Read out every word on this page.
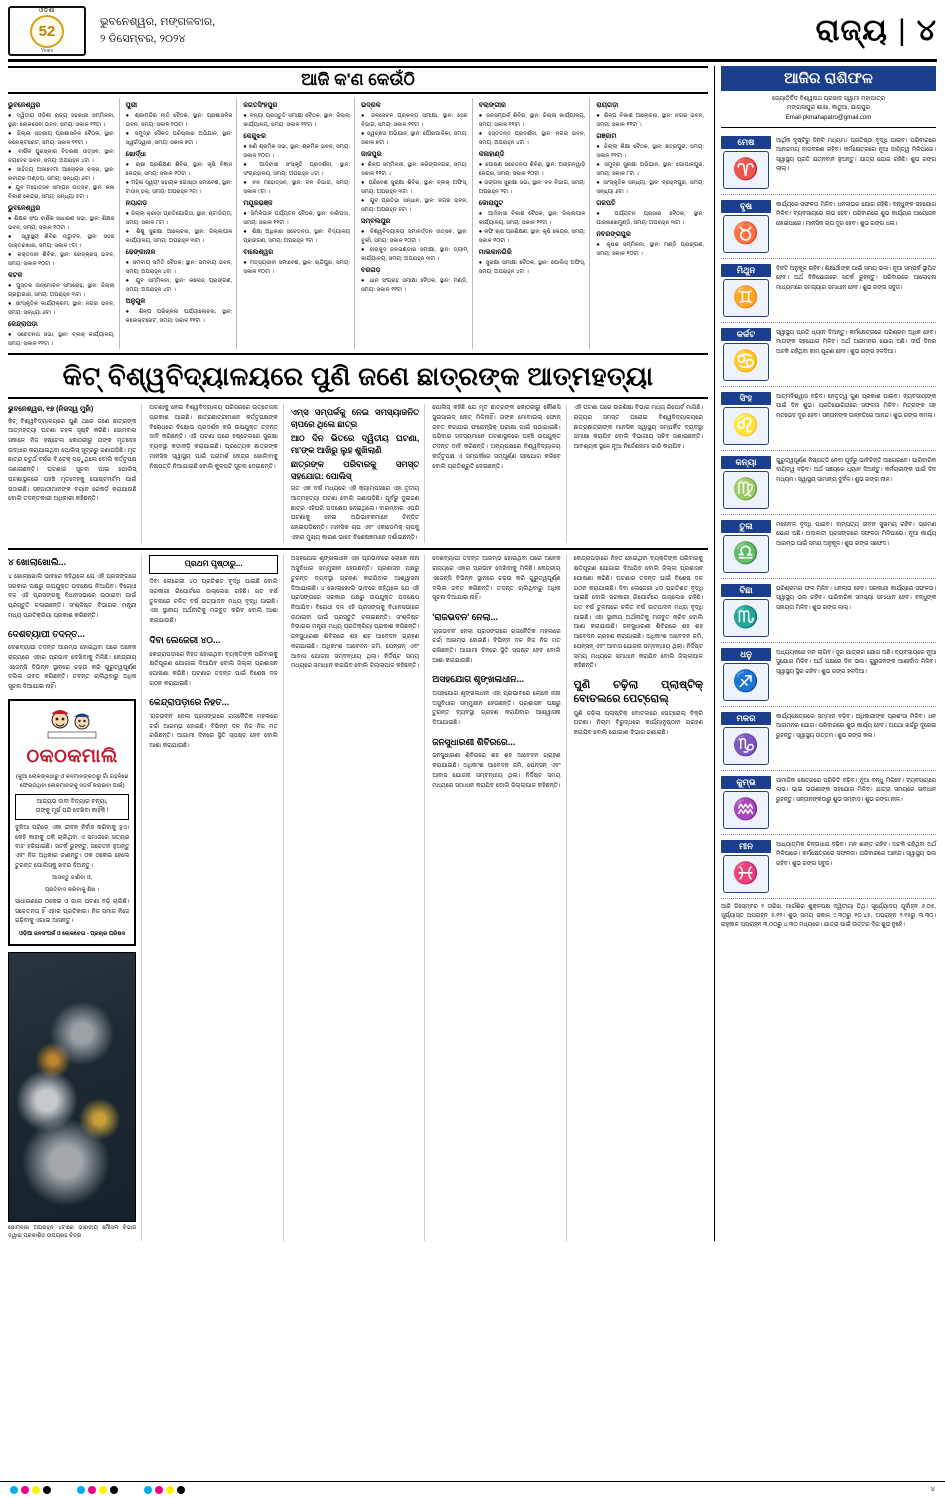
ଓଡ଼ିଶା
52
Years
ଭୁବନେଶ୍ୱର, ମଙ୍ଗଳବାର,
୨ ଡିସେମ୍ବର, ୨୦୨୪	ରାଜ୍ୟ | ୪
ଆଜି କ'ଣ କେଉଁଠି
ଭୁବନେଶ୍ୱର
● ଦ୍ୱିତୀୟ ଓଡ଼ିଶା ରାଜ୍ୟ ସହକାରୀ ସମ୍ମିଳନୀ, ସ୍ଥାନ: ଲୋକସେବା ଭବନ, ସମୟ: ସକାଳ ୧୧ଟା ।
● ଜିଲ୍ଲା ସ୍ତରୀୟ ପ୍ରଶାସନିକ ବୈଠକ, ସ୍ଥାନ: କଲେକ୍ଟରେଟ, ସମୟ: ସକାଳ ୧୧ଟା ।
● ବାର୍ଷିକ ପୁରସ୍କାର ବିତରଣୀ ଉତ୍ସବ, ସ୍ଥାନ: ଜୟଦେବ ଭବନ, ସମୟ: ଅପରାହ୍ନ ୪ଟା ।
● ସାହିତ୍ୟ ଅକାଦେମୀ ଆଲୋଚନା ଚକ୍ର, ସ୍ଥାନ: ରବୀନ୍ଦ୍ର ମଣ୍ଡପ, ସମୟ: ସନ୍ଧ୍ୟା ୬ଟା ।
● ଯୁବ ମହୋତ୍ସବ ସମାପନ ଉତ୍ସବ, ସ୍ଥାନ: କଳା ବିକାଶ କେନ୍ଦ୍ର, ସମୟ: ସନ୍ଧ୍ୟା ୫ଟା ।
ଭୁବନେଶ୍ୱର
● ଶିକ୍ଷକ ସଂଘ ବାର୍ଷିକ ସାଧାରଣ ସଭା, ସ୍ଥାନ: ଶିକ୍ଷକ ଭବନ, ସମୟ: ସକାଳ ୧୦ଟା ।
● ସ୍ୱାସ୍ଥ୍ୟ ଶିବିର ଉଦ୍ଘାଟନ, ସ୍ଥାନ: ସହର ଡାକ୍ତରଖାନା, ସମୟ: ସକାଳ ୯ଟା ।
● ରକ୍ତଦାନ ଶିବିର, ସ୍ଥାନ: ରେଡ୍‌କ୍ରସ୍ ଭବନ, ସମୟ: ସକାଳ ୧୦ଟା ।
କଟକ
● ପୁସ୍ତକ ଉନ୍ମୋଚନ ସମାରୋହ, ସ୍ଥାନ: ଜିଲ୍ଲା ଗ୍ରନ୍ଥାଗାର, ସମୟ: ଅପରାହ୍ନ ୩ଟା ।
● ସାଂସ୍କୃତିକ କାର୍ଯ୍ୟକ୍ରମ, ସ୍ଥାନ: ନଗର ଭବନ, ସମୟ: ସନ୍ଧ୍ୟା ୬ଟା ।
କେନ୍ଦ୍ରାପଡ଼ା
● ସଚେତନତା ସଭା, ସ୍ଥାନ: ବ୍ଲକ୍ କାର୍ଯ୍ୟାଳୟ, ସମୟ: ସକାଳ ୧୧ଟା ।
ପୁରୀ
● ଶ୍ରୀମନ୍ଦିର ନୀତି ବୈଠକ, ସ୍ଥାନ: ପ୍ରଶାସନିକ ଭବନ, ସମୟ: ସକାଳ ୧୦ଟା ।
● ସମୁଦ୍ର ସୈକତ ପରିଷ୍କାର ଅଭିଯାନ, ସ୍ଥାନ: ସ୍ୱର୍ଗଦ୍ୱାର, ସମୟ: ସକାଳ ୭ଟା ।
ଖୋର୍ଦ୍ଧା
● ଚାଷୀ ପ୍ରଶିକ୍ଷଣ ଶିବିର, ସ୍ଥାନ: କୃଷି ବିଜ୍ଞାନ କେନ୍ଦ୍ର, ସମୟ: ସକାଳ ୧୦ଟା ।
● ମହିଳା ସ୍ୱୟଂ ସହାୟକ ଗୋଷ୍ଠୀ ସମାବେଶ, ସ୍ଥାନ: ଟାଉନ୍ ହଲ୍, ସମୟ: ଅପରାହ୍ନ ୨ଟା ।
ନୟାଗଡ଼
● ଜିଲ୍ଲା କ୍ରୀଡ଼ା ପ୍ରତିଯୋଗିତା, ସ୍ଥାନ: ଷ୍ଟାଡିୟମ, ସମୟ: ସକାଳ ୮ଟା ।
● ଶିଶୁ ସୁରକ୍ଷା ଆଲୋଚନା, ସ୍ଥାନ: ଜିଲ୍ଲାପାଳ କାର୍ଯ୍ୟାଳୟ, ସମୟ: ଅପରାହ୍ନ ୩ଟା ।
ଢେଙ୍କାନାଳ
● ସମବାୟ ସମିତି ବୈଠକ, ସ୍ଥାନ: ସମବାୟ ଭବନ, ସମୟ: ଅପରାହ୍ନ ୪ଟା ।
● ଯୁବ ସମ୍ମିଳନୀ, ସ୍ଥାନ: କଲେଜ୍ ପ୍ରାଙ୍ଗଣ, ସମୟ: ଅପରାହ୍ନ ୪ଟା ।
ଅନୁଗୁଳ
● ଶିଳ୍ପ ପରିଚାଳନା ପର୍ଯ୍ୟାଲୋଚନା, ସ୍ଥାନ: କଲେକ୍ଟରେଟ, ସମୟ: ସକାଳ ୧୧ଟା ।
ଜଗତସିଂହପୁର
● ବନ୍ୟା ପ୍ରସ୍ତୁତି ସମୀକ୍ଷା ବୈଠକ, ସ୍ଥାନ: ଜିଲ୍ଲା କାର୍ଯ୍ୟାଳୟ, ସମୟ: ସକାଳ ୧୧ଟା ।
କେନ୍ଦୁଝର
● ଖଣି ଶ୍ରମିକ ସଭା, ସ୍ଥାନ: ଶ୍ରମିକ ଭବନ, ସମୟ: ସକାଳ ୧୦ଟା ।
● ଆଦିବାସୀ ସଂସ୍କୃତି ପ୍ରଦର୍ଶନୀ, ସ୍ଥାନ: ସଂଗ୍ରହାଳୟ, ସମୟ: ଅପରାହ୍ନ ୪ଟା ।
● ବନ ମହୋତ୍ସବ, ସ୍ଥାନ: ବନ ବିଭାଗ, ସମୟ: ସକାଳ ୯ଟା ।
ମୟୂରଭଞ୍ଜ
● ସିମିଳିପାଳ ପର୍ଯ୍ୟଟନ ବୈଠକ, ସ୍ଥାନ: ବାରିପଦା, ସମୟ: ସକାଳ ୧୧ଟା ।
● ଶିକ୍ଷା ଅଧିକାର ସଚେତନତା, ସ୍ଥାନ: ବିଦ୍ୟାଳୟ ପ୍ରାଙ୍ଗଣ, ସମୟ: ଅପରାହ୍ନ ୨ଟା ।
ବାଲେଶ୍ୱର
● ମତ୍ସ୍ୟଜୀବୀ ସମାବେଶ, ସ୍ଥାନ: ଚାନ୍ଦିପୁର, ସମୟ: ସକାଳ ୧୦ଟା ।
ଭଦ୍ରକ
● ଜଳସେଚନ ପ୍ରକଳ୍ପ ସମୀକ୍ଷା, ସ୍ଥାନ: ସେଚ ବିଭାଗ, ସମୟ: ସକାଳ ୧୧ଟା ।
● ସ୍ୱଚ୍ଛତା ଅଭିଯାନ, ସ୍ଥାନ: ପୌରପାଳିକା, ସମୟ: ସକାଳ ୭ଟା ।
ଜାଜପୁର
● ଶିଳ୍ପ ସମ୍ମିଳନୀ, ସ୍ଥାନ: କଳିଙ୍ଗନଗର, ସମୟ: ସକାଳ ୧୧ଟା ।
● ପରିବେଶ ସୁରକ୍ଷା ଶିବିର, ସ୍ଥାନ: ବ୍ଲକ୍ ଅଫିସ୍, ସମୟ: ଅପରାହ୍ନ ୩ଟା ।
● ଯୁବ ପ୍ରତିଭା ସନ୍ଧାନ, ସ୍ଥାନ: ନଗର ଭବନ, ସମୟ: ଅପରାହ୍ନ ୫ଟା ।
ସମ୍ବଲପୁର
● ବିଶ୍ୱବିଦ୍ୟାଳୟ ସମାବର୍ତ୍ତନ ଉତ୍ସବ, ସ୍ଥାନ: ବୁର୍ଲା, ସମୟ: ସକାଳ ୧୦ଟା ।
● ହୀରାକୁଦ ଜଳଭଣ୍ଡାର ସମୀକ୍ଷା, ସ୍ଥାନ: ଡ୍ୟାମ୍ କାର୍ଯ୍ୟାଳୟ, ସମୟ: ଅପରାହ୍ନ ୩ଟା ।
ବରଗଡ଼
● ଧାନ ସଂଗ୍ରହ ସମୀକ୍ଷା ବୈଠକ, ସ୍ଥାନ: ମଣ୍ଡି, ସମୟ: ସକାଳ ୧୧ଟା ।
ବଲାଙ୍ଗୀର
● ଜନସମ୍ପର୍କ ଶିବିର, ସ୍ଥାନ: ଜିଲ୍ଲା କାର୍ଯ୍ୟାଳୟ, ସମୟ: ସକାଳ ୧୧ଟା ।
● ହସ୍ତତନ୍ତ ପ୍ରଦର୍ଶନୀ, ସ୍ଥାନ: ନଗର ଭବନ, ସମୟ: ଅପରାହ୍ନ ୪ଟା ।
କଳାହାଣ୍ଡି
● ପୋଷଣ ସଚେତନତା ଶିବିର, ସ୍ଥାନ: ଅଙ୍ଗନୱାଡ଼ି କେନ୍ଦ୍ର, ସମୟ: ସକାଳ ୧୦ଟା ।
● ଜଙ୍ଗଲ ସୁରକ୍ଷା ସଭା, ସ୍ଥାନ: ବନ ବିଭାଗ, ସମୟ: ଅପରାହ୍ନ ୨ଟା ।
କୋରାପୁଟ
● ଆଦିବାସୀ ବିକାଶ ବୈଠକ, ସ୍ଥାନ: ଜିଲ୍ଲାପାଳ କାର୍ଯ୍ୟାଳୟ, ସମୟ: ସକାଳ ୧୧ଟା ।
● କଫି ଚାଷ ପ୍ରଶିକ୍ଷଣ, ସ୍ଥାନ: କୃଷି କେନ୍ଦ୍ର, ସମୟ: ସକାଳ ୧୦ଟା ।
ମାଲକାନଗିରି
● ସୁରକ୍ଷା ସମୀକ୍ଷା ବୈଠକ, ସ୍ଥାନ: ପୋଲିସ୍ ଅଫିସ୍, ସମୟ: ଅପରାହ୍ନ ୪ଟା ।
ରାୟଗଡ଼ା
● ଶିଳ୍ପ ବିକାଶ ଆଲୋଚନା, ସ୍ଥାନ: ନଗର ଭବନ, ସମୟ: ସକାଳ ୧୧ଟା ।
ଗଞ୍ଜାମ
● ଜିଲ୍ଲା ଶିକ୍ଷା ବୈଠକ, ସ୍ଥାନ: ଛତ୍ରପୁର, ସମୟ: ସକାଳ ୧୧ଟା ।
● ସମୁଦ୍ର ସୁରକ୍ଷା ଅଭିଯାନ, ସ୍ଥାନ: ଗୋପାଳପୁର, ସମୟ: ସକାଳ ୮ଟା ।
● ସାଂସ୍କୃତିକ ସନ୍ଧ୍ୟା, ସ୍ଥାନ: ବ୍ରହ୍ମପୁର, ସମୟ: ସନ୍ଧ୍ୟା ୬ଟା ।
ଗଜପତି
● ପର୍ଯ୍ୟଟନ ପ୍ରସାର ବୈଠକ, ସ୍ଥାନ: ପାରଳାଖେମୁଣ୍ଡି, ସମୟ: ଅପରାହ୍ନ ୩ଟା ।
ନବରଙ୍ଗପୁର
● କୃଷକ ସମ୍ମିଳନୀ, ସ୍ଥାନ: ମଣ୍ଡି ପ୍ରାଙ୍ଗଣ, ସମୟ: ସକାଳ ୧୦ଟା ।
କିଟ୍ ବିଶ୍ୱବିଦ୍ୟାଳୟରେ ପୁଣି ଜଣେ ଛାତ୍ରଙ୍କ ଆତ୍ମହତ୍ୟା
ଭୁବନେଶ୍ୱର, ୧୭ (ନିଜସ୍ୱ ମୁହାଁ)
କିଟ୍ ବିଶ୍ୱବିଦ୍ୟାଳୟରେ ପୁଣି ଥରେ ଜଣେ ଛାତ୍ରଙ୍କ ଆତ୍ମହତ୍ୟା ଘଟଣା ଚହଳ ସୃଷ୍ଟି କରିଛି। ସୋମବାର ସକାଳେ ନିଜ ହଷ୍ଟେଲ କୋଠରୀରୁ ତାଙ୍କ ମୃତଦେହ ଉଦ୍ଧାର କରାଯାଇଥିବା ପୋଲିସ୍ ସୂତ୍ରରୁ ଜଣାପଡ଼ିଛି। ମୃତ ଛାତ୍ର ଚତୁର୍ଥ ବର୍ଷର ବି.ଟେକ୍ ପଢ଼ୁଥିଲେ ବୋଲି କର୍ତ୍ତୃପକ୍ଷ ଜଣାଇଛନ୍ତି। ଘଟଣାର ସୂଚନା ପାଇ ପୋଲିସ୍ ଘଟଣାସ୍ଥଳରେ ପହଞ୍ଚି ମୃତଦେହକୁ ପୋଷ୍ଟମର୍ଟମ ପାଇଁ ପଠାଇଛି। ସହପାଠୀମାନଙ୍କ ବୟାନ ରେକର୍ଡ କରାଯାଉଛି ବୋଲି ତଦନ୍ତକାରୀ ଅଧିକାରୀ କହିଛନ୍ତି।
ଘଟଣାକୁ ନେଇ ବିଶ୍ୱବିଦ୍ୟାଳୟ ପରିସରରେ ଉତ୍ତେଜନା ପ୍ରକାଶ ପାଇଛି। ଛାତ୍ରଛାତ୍ରୀମାନେ କର୍ତ୍ତୃପକ୍ଷଙ୍କ ବିରୋଧରେ ବିକ୍ଷୋଭ ପ୍ରଦର୍ଶନ କରି ଉପଯୁକ୍ତ ତଦନ୍ତ ଦାବି କରିଛନ୍ତି। ଏହି ଘଟଣା ପରେ ହଷ୍ଟେଲରେ ସୁରକ୍ଷା ବ୍ୟବସ୍ଥା କଡ଼ାକଡ଼ି କରାଯାଇଛି। ପ୍ରତ୍ୟେକ ଛାତ୍ରଙ୍କ ମାନସିକ ସ୍ୱାସ୍ଥ୍ୟ ପାଇଁ ପରାମର୍ଶ କେନ୍ଦ୍ର ଖୋଲିବାକୁ ନିଷ୍ପତ୍ତି ନିଆଯାଇଛି ବୋଲି କୁଳପତି ସୂଚନା ଦେଇଛନ୍ତି।
ଏମ୍‌ସ ସମ୍ପର୍କକୁ ନେଇ ସମସ୍ୟାଜନିତ ଚାପରେ ଥିଲେ ଛାତ୍ର
ଆଠ ଦିନ ଭିତରେ ଦ୍ୱିତୀୟ ଘଟଣା, ମା'ଙ୍କ ଆଖିରୁ ଲୁହ ଶୁଖିଲାଣି
ଛାତ୍ରଙ୍କ ପରିବାରକୁ ସମସ୍ତ ସହଯୋଗ: ପୋଲିସ୍
ଗତ ଏକ ବର୍ଷ ମଧ୍ୟରେ ଏହି କ୍ୟାମ୍ପସରେ ଏହା ତୃତୀୟ ଆତ୍ମହତ୍ୟା ଘଟଣା ବୋଲି ଜଣାପଡ଼ିଛି। ପୂର୍ବରୁ ଦୁଇଜଣ ଛାତ୍ର ଏହିପରି ପଦକ୍ଷେପ ନେଇଥିଲେ। ବାରମ୍ବାର ଏପରି ଘଟଣାକୁ ନେଇ ଅଭିଭାବକମାନେ ଚିନ୍ତିତ ହୋଇପଡ଼ିଛନ୍ତି। ମାନସିକ ଚାପ ଏବଂ ଏକାଡେମିକ୍ ଚାପକୁ ଏହାର ମୁଖ୍ୟ କାରଣ ଭାବେ ବିଶେଷଜ୍ଞମାନେ ଦର୍ଶାଇଛନ୍ତି।
ପୋଲିସ୍ କହିଛି ଯେ ମୃତ ଛାତ୍ରଙ୍କ କୋଠରୀରୁ କୌଣସି ସୁଇସାଇଡ୍ ନୋଟ୍ ମିଳିନାହିଁ। ତାଙ୍କ ମୋବାଇଲ୍ ଫୋନ୍ ଜବତ କରାଯାଇ ଫରେନ୍‌ସିକ୍ ପରୀକ୍ଷା ପାଇଁ ପଠାଯାଇଛି। ପରିବାର ସଦସ୍ୟମାନେ ଘଟଣାସ୍ଥଳରେ ପହଞ୍ଚି ଉପଯୁକ୍ତ ତଦନ୍ତ ଦାବି କରିଛନ୍ତି। ଅନ୍ୟପକ୍ଷରେ ବିଶ୍ୱବିଦ୍ୟାଳୟ କର୍ତ୍ତୃପକ୍ଷ ଏ ସମ୍ପର୍କରେ ସମ୍ପୂର୍ଣ୍ଣ ସହଯୋଗ କରିବେ ବୋଲି ପ୍ରତିଶ୍ରୁତି ଦେଇଛନ୍ତି।
ଏହି ଘଟଣା ପରେ ଉଚ୍ଚଶିକ୍ଷା ବିଭାଗ ମଧ୍ୟ ରିପୋର୍ଟ ମାଗିଛି। ରାଜ୍ୟର ସମସ୍ତ ଘରୋଇ ବିଶ୍ୱବିଦ୍ୟାଳୟରେ ଛାତ୍ରଛାତ୍ରୀଙ୍କ ମାନସିକ ସ୍ୱାସ୍ଥ୍ୟ ସମ୍ପର୍କିତ ବ୍ୟବସ୍ଥା ସମୀକ୍ଷା କରାଯିବ ବୋଲି ବିଭାଗୀୟ ସଚିବ ଜଣାଇଛନ୍ତି। ଆବଶ୍ୟକ ସ୍ଥଳେ ନୂଆ ନିର୍ଦ୍ଦେଶନାମା ଜାରି କରାଯିବ।
୪ ଖୋଲାଖୋଲି...
୪ ଖୋଲାଖୋଲି ଭାବରେ କହିଥିଲେ ଯେ ଏହି ପ୍ରସଙ୍ଗରେ ସରକାର ପକ୍ଷରୁ ଉପଯୁକ୍ତ ପଦକ୍ଷେପ ନିଆଯିବ। ବିରୋଧୀ ଦଳ ଏହି ପ୍ରସଙ୍ଗକୁ ବିଧାନସଭାରେ ଉଠାଇବା ପାଇଁ ପ୍ରସ୍ତୁତି ଚଳାଇଛନ୍ତି। ସଂଶ୍ଳିଷ୍ଟ ବିଭାଗର ମନ୍ତ୍ରୀ ମଧ୍ୟ ପ୍ରତିକ୍ରିୟା ପ୍ରକାଶ କରିଛନ୍ତି।
ଦେଶବ୍ୟାପୀ ତଦନ୍ତ...
ଦେଶବ୍ୟାପୀ ତଦନ୍ତ ଆରମ୍ଭ ହୋଇଥିବା ପରେ ଅନେକ ରାଜ୍ୟରେ ଏହାର ପ୍ରଭାବ ଦେଖିବାକୁ ମିଳିଛି। କେନ୍ଦ୍ରୀୟ ଏଜେନ୍ସି ବିଭିନ୍ନ ସ୍ଥାନରେ ଚଢ଼ଉ କରି ଗୁରୁତ୍ୱପୂର୍ଣ୍ଣ ଦଲିଲ ଜବତ କରିଛନ୍ତି। ତଦନ୍ତ ଚାଲିଥିବାରୁ ଅଧିକ ସୂଚନା ଦିଆଯାଇ ନାହିଁ।
ଠକଠକମାଲି
(କୁଆ ଲୋକଙ୍କଠାରୁ ଓ କନମାନଙ୍କଠାରୁ ଗାଁ ଗହଳିରେ ଫେରାଉଥିବା ଲୋକମାନଙ୍କୁ ସତର୍କ କରାଇବା ପାଇଁ)
ଆଜ୍ୟଭ ଦାବୀ ବିଦ୍ୟାର ବନ୍ୟା,
ତାଙ୍କୁ ମୂର୍ଖ ପରି ଦେଖିବା କାହିଁକି !
ଦୁନିଆ ପରିରେ ଏକା ଜୀବନ ନିର୍ବାହ କରିବାକୁ ହୁଏ। କେହି କାହାକୁ ଠକି ଚାଲିଥିବା ଏ ସମାଜରେ ସତ୍ୟର ବାଟ ହଜିଯାଇଛି। ସତର୍କ ରୁହନ୍ତୁ, ସଚେତନ ହୁଅନ୍ତୁ ଏବଂ ନିଜ ଅଧିକାର ଜାଣନ୍ତୁ। ଠକ ଠକେଇ ହେଲେ ତୁରନ୍ତ ପୋଲିସ୍‌କୁ ଖବର ଦିଅନ୍ତୁ।
ଆସନ୍ତୁ ଜାଣିବା ଓ,
ପ୍ରତିବାଦ କରିବାକୁ ଶିଖ ।
ସାଧାରଣରେ ଠକେଇ ଓ ଜାଲ ଘଟଣା ବଢ଼ି ଚାଲିଛି। ସଚେତନତା ହିଁ ଏହାର ପ୍ରତିକାର। ନିଜ ସମାଜ ନିଜେ ଗଢ଼ିବାକୁ ଏଗାଇ ଆସନ୍ତୁ।
ଓଡ଼ିଆ ଜନସଂପର୍କ ଓ ଲୋକଚେତା - ପ୍ରଚାର ପରିଷଦ
ସୋମବାର ଅପରାହ୍ନ ୪ଟାରେ ଭାରତୀୟ ମୌସମ ବିଭାଗ ଦ୍ୱାରା ପ୍ରକାଶିତ ଉପଗ୍ରହ ଚିତ୍ର
ପ୍ରଥମ ପୃଷ୍ଠାରୁ...
ଦିବା ଲେଜେରୀ ୪୦ ପ୍ରତିଶତ ବୃଦ୍ଧି ପାଇଛି ବୋଲି ସରକାରୀ ରିପୋର୍ଟରେ ଉଲ୍ଲେଖ ରହିଛି। ଗତ ବର୍ଷ ତୁଳନାରେ ଚଳିତ ବର୍ଷ ଉତ୍ପାଦନ ମଧ୍ୟ ବୃଦ୍ଧି ପାଇଛି। ଏହା ସ୍ଥାନୀୟ ଅର୍ଥନୀତିକୁ ମଜବୁତ କରିବ ବୋଲି ଆଶା କରାଯାଉଛି।
ଦିବା ଲେଜେରୀ ୪୦...
କେନ୍ଦ୍ରାପଡ଼ାରେ ନିହତ ହୋଇଥିବା ବ୍ୟକ୍ତିଙ୍କ ପରିବାରକୁ କ୍ଷତିପୂରଣ ଯୋଗାଇ ଦିଆଯିବ ବୋଲି ଜିଲ୍ଲା ପ୍ରଶାସନ ଘୋଷଣା କରିଛି। ଘଟଣାର ତଦନ୍ତ ପାଇଁ ବିଶେଷ ଦଳ ଗଠନ କରାଯାଇଛି।
କେନ୍ଦ୍ରାପଡ଼ାରେ ନିହତ...
'ରାଜଭବନ' ନେଲା ପ୍ରସଙ୍ଗରେ ରାଜନୈତିକ ମହଲରେ ଚର୍ଚ୍ଚା ଆରମ୍ଭ ହୋଇଛି। ବିଭିନ୍ନ ଦଳ ନିଜ ନିଜ ମତ ରଖିଛନ୍ତି। ଆଗାମୀ ଦିନରେ ସ୍ଥିତି ସ୍ପଷ୍ଟ ହେବ ବୋଲି ଆଶା କରାଯାଉଛି।
ଅସହଯୋଗ ଶୃଙ୍ଖଳାଧୀନ ଏହା ପ୍ରଭାବରେ ଲୋକେ ନାନା ଅସୁବିଧାର ସମ୍ମୁଖୀନ ହେଉଛନ୍ତି। ପ୍ରଶାସନ ପକ୍ଷରୁ ତୁରନ୍ତ ବ୍ୟବସ୍ଥା ଗ୍ରହଣ କରାଯିବାର ଆଶ୍ୱାସନା ଦିଆଯାଇଛି। ୪ ଖୋଲାଖୋଲି ଭାବରେ କହିଥିଲେ ଯେ ଏହି ପ୍ରସଙ୍ଗରେ ସରକାର ପକ୍ଷରୁ ଉପଯୁକ୍ତ ପଦକ୍ଷେପ ନିଆଯିବ। ବିରୋଧୀ ଦଳ ଏହି ପ୍ରସଙ୍ଗକୁ ବିଧାନସଭାରେ ଉଠାଇବା ପାଇଁ ପ୍ରସ୍ତୁତି ଚଳାଇଛନ୍ତି। ସଂଶ୍ଳିଷ୍ଟ ବିଭାଗର ମନ୍ତ୍ରୀ ମଧ୍ୟ ପ୍ରତିକ୍ରିୟା ପ୍ରକାଶ କରିଛନ୍ତି। ଜନସୁଧାରଣୀ ଶିବିରରେ ଶହ ଶହ ଆବେଦନ ଗ୍ରହଣ କରାଯାଇଛି। ଅଧିକାଂଶ ଆବେଦନ ଜମି, ପେନ୍‌ସନ୍ ଏବଂ ଆବାସ ଯୋଜନା ସମ୍ବନ୍ଧୀୟ ଥିଲା। ନିର୍ଦ୍ଦିଷ୍ଟ ସମୟ ମଧ୍ୟରେ ସମାଧାନ କରାଯିବ ବୋଲି ଜିଲ୍ଲାପାଳ କହିଛନ୍ତି।
ଦେଶବ୍ୟାପୀ ତଦନ୍ତ ଆରମ୍ଭ ହୋଇଥିବା ପରେ ଅନେକ ରାଜ୍ୟରେ ଏହାର ପ୍ରଭାବ ଦେଖିବାକୁ ମିଳିଛି। କେନ୍ଦ୍ରୀୟ ଏଜେନ୍ସି ବିଭିନ୍ନ ସ୍ଥାନରେ ଚଢ଼ଉ କରି ଗୁରୁତ୍ୱପୂର୍ଣ୍ଣ ଦଲିଲ ଜବତ କରିଛନ୍ତି। ତଦନ୍ତ ଚାଲିଥିବାରୁ ଅଧିକ ସୂଚନା ଦିଆଯାଇ ନାହିଁ।
'ରାଜଭବନ' ନେଲା...
'ରାଜଭବନ' ନେଲା ପ୍ରସଙ୍ଗରେ ରାଜନୈତିକ ମହଲରେ ଚର୍ଚ୍ଚା ଆରମ୍ଭ ହୋଇଛି। ବିଭିନ୍ନ ଦଳ ନିଜ ନିଜ ମତ ରଖିଛନ୍ତି। ଆଗାମୀ ଦିନରେ ସ୍ଥିତି ସ୍ପଷ୍ଟ ହେବ ବୋଲି ଆଶା କରାଯାଉଛି।
ଅସହଯୋଗ ଶୃଙ୍ଖଳାଧୀନ...
ଅସହଯୋଗ ଶୃଙ୍ଖଳାଧୀନ ଏହା ପ୍ରଭାବରେ ଲୋକେ ନାନା ଅସୁବିଧାର ସମ୍ମୁଖୀନ ହେଉଛନ୍ତି। ପ୍ରଶାସନ ପକ୍ଷରୁ ତୁରନ୍ତ ବ୍ୟବସ୍ଥା ଗ୍ରହଣ କରାଯିବାର ଆଶ୍ୱାସନା ଦିଆଯାଇଛି।
ଜନସୁଧାରଣୀ ଶିବିରରେ...
ଜନସୁଧାରଣୀ ଶିବିରରେ ଶହ ଶହ ଆବେଦନ ଗ୍ରହଣ କରାଯାଇଛି। ଅଧିକାଂଶ ଆବେଦନ ଜମି, ପେନ୍‌ସନ୍ ଏବଂ ଆବାସ ଯୋଜନା ସମ୍ବନ୍ଧୀୟ ଥିଲା। ନିର୍ଦ୍ଦିଷ୍ଟ ସମୟ ମଧ୍ୟରେ ସମାଧାନ କରାଯିବ ବୋଲି ଜିଲ୍ଲାପାଳ କହିଛନ୍ତି।
କେନ୍ଦ୍ରାପଡ଼ାରେ ନିହତ ହୋଇଥିବା ବ୍ୟକ୍ତିଙ୍କ ପରିବାରକୁ କ୍ଷତିପୂରଣ ଯୋଗାଇ ଦିଆଯିବ ବୋଲି ଜିଲ୍ଲା ପ୍ରଶାସନ ଘୋଷଣା କରିଛି। ଘଟଣାର ତଦନ୍ତ ପାଇଁ ବିଶେଷ ଦଳ ଗଠନ କରାଯାଇଛି। ଦିବା ଲେଜେରୀ ୪୦ ପ୍ରତିଶତ ବୃଦ୍ଧି ପାଇଛି ବୋଲି ସରକାରୀ ରିପୋର୍ଟରେ ଉଲ୍ଲେଖ ରହିଛି। ଗତ ବର୍ଷ ତୁଳନାରେ ଚଳିତ ବର୍ଷ ଉତ୍ପାଦନ ମଧ୍ୟ ବୃଦ୍ଧି ପାଇଛି। ଏହା ସ୍ଥାନୀୟ ଅର୍ଥନୀତିକୁ ମଜବୁତ କରିବ ବୋଲି ଆଶା କରାଯାଉଛି। ଜନସୁଧାରଣୀ ଶିବିରରେ ଶହ ଶହ ଆବେଦନ ଗ୍ରହଣ କରାଯାଇଛି। ଅଧିକାଂଶ ଆବେଦନ ଜମି, ପେନ୍‌ସନ୍ ଏବଂ ଆବାସ ଯୋଜନା ସମ୍ବନ୍ଧୀୟ ଥିଲା। ନିର୍ଦ୍ଦିଷ୍ଟ ସମୟ ମଧ୍ୟରେ ସମାଧାନ କରାଯିବ ବୋଲି ଜିଲ୍ଲାପାଳ କହିଛନ୍ତି।
ପୁଣି ଚଢ଼ିଲା ପ୍ଲାଷ୍ଟିକ୍ ବୋତଲରେ ପେଟ୍ରୋଲ୍
ପୁଣି ଚଢ଼ିଲା ପ୍ଲାଷ୍ଟିକ୍ ବୋତଲରେ ପେଟ୍ରୋଲ୍ ବିକ୍ରି ଘଟଣା। ନିୟମ ବିରୁଦ୍ଧରେ କାର୍ଯ୍ୟାନୁଷ୍ଠାନ ଗ୍ରହଣ କରାଯିବ ବୋଲି ଯୋଗାଣ ବିଭାଗ ଜଣାଇଛି।
ଆଜିର ରାଶିଫଳ
ଜ୍ୟୋତିର୍ବିଦ ବିଶ୍ୱନାଥ ପ୍ରସାଦ ସ୍ୱାମୀ ମହାପାତ୍ର
ମଙ୍ଗଳାପୁର ଶାଖା, କାଠୁଆ, ଯାଜପୁର
Email-pkmahapatro@gmail.com
ମେଷ
♈
ଆର୍ଥିକ ଦୃଷ୍ଟିରୁ ଦିନଟି ମଧ୍ୟମ। ପ୍ରତିଷ୍ଠା ବୃଦ୍ଧି ପାଇବ। ପରିବାରରେ ଆନନ୍ଦମୟ ବାତାବରଣ ରହିବ। କର୍ମକ୍ଷେତ୍ରରେ ନୂଆ ଦାୟିତ୍ୱ ମିଳିପାରେ। ସ୍ୱାସ୍ଥ୍ୟ ପ୍ରତି ଯତ୍ନବାନ ହୁଅନ୍ତୁ। ଯାତ୍ରା ଯୋଗ ରହିଛି। ଶୁଭ ରଙ୍ଗ ଲାଲ୍।
ବୃଷ
♉
କାର୍ଯ୍ୟରେ ସଫଳତା ମିଳିବ। ଧନଲାଭର ଯୋଗ ରହିଛି। ବନ୍ଧୁଙ୍କ ସହଯୋଗ ମିଳିବ। ବ୍ୟବସାୟରେ ଲାଭ ହେବ। ପରିବାରରେ ଶୁଭ କାର୍ଯ୍ୟର ଆୟୋଜନ ହୋଇପାରେ। ମାନସିକ ଚାପ ଦୂର ହେବ। ଶୁଭ ରଙ୍ଗ ଧଳା।
ମିଥୁନ
♊
ଦିନଟି ଅନୁକୂଳ ରହିବ। ଶିକ୍ଷାର୍ଥୀଙ୍କ ପାଇଁ ସମୟ ଭଲ। ନୂଆ ସମ୍ପର୍କ ସ୍ଥାପିତ ହେବ। ଅର୍ଥ ବିନିଯୋଗରେ ସତର୍କ ରୁହନ୍ତୁ। ପରିବାରରେ ଆଲୋଚନା ମାଧ୍ୟମରେ ସମସ୍ୟାର ସମାଧାନ ହେବ। ଶୁଭ ରଙ୍ଗ ସବୁଜ।
କର୍କଟ
♋
ସ୍ୱାସ୍ଥ୍ୟ ପ୍ରତି ଧ୍ୟାନ ଦିଅନ୍ତୁ। କର୍ମକ୍ଷେତ୍ରରେ ପରିଶ୍ରମ ଅଧିକ ହେବ। ମାତାଙ୍କ ସହଯୋଗ ମିଳିବ। ଅର୍ଥ ଆଗମନର ଯୋଗ ଅଛି। ଦୀର୍ଘ ଦିନର ଅଟକି ରହିଥିବା କାମ ପୂରଣ ହେବ। ଶୁଭ ରଙ୍ଗ ହଳଦିଆ।
ସିଂହ
♌
ଆତ୍ମବିଶ୍ୱାସ ବଢ଼ିବ। ନେତୃତ୍ୱ ଗୁଣ ପ୍ରକାଶ ପାଇବ। ବ୍ୟବସାୟୀଙ୍କ ପାଇଁ ଦିନ ଶୁଭ। ପ୍ରତିଯୋଗିତାରେ ସଫଳତା ମିଳିବ। ମିତ୍ରଙ୍କ ସହ ମତଭେଦ ଦୂର ହେବ। ସନ୍ତାନଙ୍କ ଉନ୍ନତିରେ ଆନନ୍ଦ। ଶୁଭ ରଙ୍ଗ କମଳା।
କନ୍ୟା
♍
ଗୁରୁତ୍ୱପୂର୍ଣ୍ଣ ନିଷ୍ପତ୍ତି ନେବା ପୂର୍ବରୁ ଭାବିଚିନ୍ତି ଆଗେଇବେ। ପାରିବାରିକ ଦାୟିତ୍ୱ ବଢ଼ିବ। ଅର୍ଥ ସଞ୍ଚୟରେ ଧ୍ୟାନ ଦିଅନ୍ତୁ। କର୍ମଚାରୀଙ୍କ ପାଇଁ ଦିନ ମଧ୍ୟମ। ସ୍ୱାସ୍ଥ୍ୟ ସାମାନ୍ୟ ଦୁର୍ବଳ। ଶୁଭ ରଙ୍ଗ ନୀଳ।
ତୁଳା
♎
ମନୋବଳ ବୃଦ୍ଧି ପାଇବ। ଦାମ୍ପତ୍ୟ ଜୀବନ ସୁଖମୟ ରହିବ। ଭ୍ରମଣ ଯୋଗ ଅଛି। ଅଦାଲତୀ ପ୍ରସଙ୍ଗରେ ସଫଳତା ମିଳିପାରେ। ନୂଆ କାର୍ଯ୍ୟ ଆରମ୍ଭ ପାଇଁ ସମୟ ଅନୁକୂଳ। ଶୁଭ ରଙ୍ଗ ସଫେଦ।
ବିଛା
♏
ପରିଶ୍ରମର ଫଳ ମିଳିବ। ଧନଲାଭ ହେବ। ସରକାରୀ କାର୍ଯ୍ୟରେ ସଫଳତା। ସ୍ୱାସ୍ଥ୍ୟ ଭଲ ରହିବ। ପାରିବାରିକ ସମସ୍ୟା ସମାଧାନ ହେବ। ବନ୍ଧୁଙ୍କ ସହାୟତା ମିଳିବ। ଶୁଭ ରଙ୍ଗ ଲାଲ୍।
ଧନୁ
♐
ଅଧ୍ୟୟନରେ ମନ ଲାଗିବ। ଦୂର ଯାତ୍ରାର ଯୋଗ ଅଛି। ବ୍ୟବସାୟରେ ନୂଆ ସୁଯୋଗ ମିଳିବ। ଅର୍ଥ ପକ୍ଷରେ ଦିନ ଭଲ। ଗୁରୁଜନଙ୍କ ଆଶୀର୍ବାଦ ମିଳିବ। ସ୍ୱାସ୍ଥ୍ୟ ସ୍ଥିର ରହିବ। ଶୁଭ ରଙ୍ଗ ହଳଦିଆ।
ମକର
♑
କାର୍ଯ୍ୟକ୍ଷେତ୍ରରେ ସମ୍ମାନ ବଢ଼ିବ। ଅଧିକାରୀଙ୍କ ପ୍ରଶଂସା ମିଳିବ। ଧନ ଆଗମନର ଯୋଗ। ପରିବାରରେ ଶୁଭ କାର୍ଯ୍ୟ ହେବ। ଅଯଥା ଖର୍ଚ୍ଚରୁ ଦୂରେଇ ରୁହନ୍ତୁ। ସ୍ୱାସ୍ଥ୍ୟ ଉତ୍ତମ। ଶୁଭ ରଙ୍ଗ କଳା।
କୁମ୍ଭ
♒
ସାମାଜିକ କ୍ଷେତ୍ରରେ ପରିଚିତି ବଢ଼ିବ। ନୂଆ ବନ୍ଧୁ ମିଳିବେ। ବ୍ୟବସାୟରେ ଲାଭ। ଭାଇ ଭଉଣୀଙ୍କ ସହଯୋଗ ମିଳିବ। ଯାତ୍ରା ସମୟରେ ସାବଧାନ ରୁହନ୍ତୁ। ସନ୍ତାନଙ୍କଠାରୁ ଶୁଭ ସମ୍ବାଦ। ଶୁଭ ରଙ୍ଗ ନୀଳ।
ମୀନ
♓
ଆଧ୍ୟାତ୍ମିକ ଚିନ୍ତାଧାରା ବଢ଼ିବ। ମନ ଶାନ୍ତ ରହିବ। ଅଟକି ରହିଥିବା ଅର୍ଥ ମିଳିପାରେ। କର୍ମକ୍ଷେତ୍ରରେ ସଫଳତା। ପରିବାରରେ ଆନନ୍ଦ। ସ୍ୱାସ୍ଥ୍ୟ ଭଲ ରହିବ। ଶୁଭ ରଙ୍ଗ ସବୁଜ।
ଆଜି ଡିସେମ୍ବର ୨ ତାରିଖ, ମାର୍ଗଶିର ଶୁକ୍ଳପକ୍ଷ ଦ୍ୱିତୀୟା ତିଥି। ସୂର୍ଯ୍ୟୋଦୟ ପୂର୍ବାହ୍ନ ୬.୦୫, ସୂର୍ଯ୍ୟାସ୍ତ ଅପରାହ୍ନ ୫.୧୨। ଶୁଭ ସମୟ ସକାଳ ୯.୩୦ରୁ ୧୦.୪୫, ଅପରାହ୍ନ ୨.୧୫ରୁ ୩.୩୦। ରାହୁକାଳ ଅପରାହ୍ନ ୩.୦୦ରୁ ୪.୩୦ ମଧ୍ୟରେ। ଯାତ୍ରା ପାଇଁ ଉତ୍ତର ଦିଗ ଶୁଭ ନୁହେଁ।
୪
